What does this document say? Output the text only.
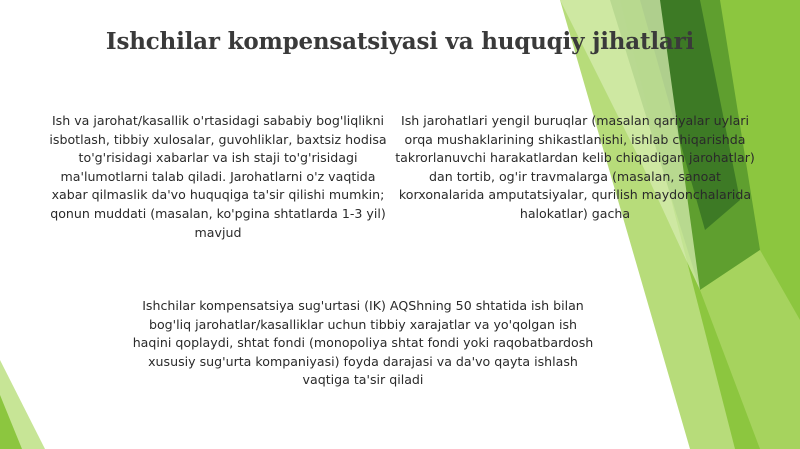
Ishchilar kompensatsiyasi va huquqiy jihatlari

Ish va jarohat/kasallik o'rtasidagi sababiy bog'liqlikni isbotlash, tibbiy xulosalar, guvohliklar, baxtsiz hodisa to'g'risidagi xabarlar va ish staji to'g'risidagi ma'lumotlarni talab qiladi. Jarohatlarni o'z vaqtida xabar qilmaslik da'vo huquqiga ta'sir qilishi mumkin; qonun muddati (masalan, ko'pgina shtatlarda 1-3 yil) mavjud

Ish jarohatlari yengil buruqlar (masalan qariyalar uylari orqa mushaklarining shikastlanishi, ishlab chiqarishda takrorlanuvchi harakatlardan kelib chiqadigan jarohatlar) dan tortib, og'ir travmalarga (masalan, sanoat korxonalarida amputatsiyalar, qurilish maydonchalarida halokatlar) gacha

Ishchilar kompensatsiya sug'urtasi (IK) AQShning 50 shtatida ish bilan bog'liq jarohatlar/kasalliklar uchun tibbiy xarajatlar va yo'qolgan ish haqini qoplaydi, shtat fondi (monopoliya shtat fondi yoki raqobatbardosh xususiy sug'urta kompaniyasi) foyda darajasi va da'vo qayta ishlash vaqtiga ta'sir qiladi
